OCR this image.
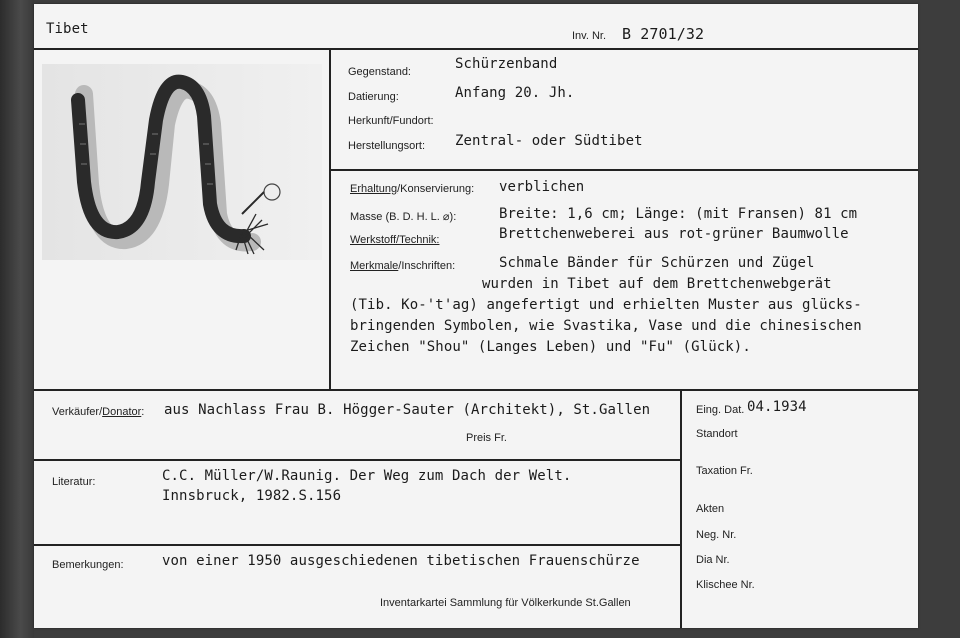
Tibet	Inv. Nr. B 2701/32
Gegenstand:	Schürzenband
Datierung:	Anfang 20. Jh.
Herkunft/Fundort:
Herstellungsort: Zentral- oder Südtibet
Erhaltung/Konservierung: verblichen
Masse (B. D. H. L. ⌀):	Breite: 1,6 cm; Länge: (mit Fransen) 81 cm
Werkstoff/Technik:	Brettchenweberei aus rot-grüner Baumwolle
Merkmale/Inschriften:	Schmale Bänder für Schürzen und Zügel
wurden in Tibet auf dem Brettchenwebgerät
(Tib. Ko-'t'ag) angefertigt und erhielten Muster aus glücks-
bringenden Symbolen, wie Svastika, Vase und die chinesischen
Zeichen "Shou" (Langes Leben) und "Fu" (Glück).
Verkäufer/Donator: aus Nachlass Frau B. Högger-Sauter (Architekt), St.Gallen
Preis Fr.
Literatur:	C.C. Müller/W.Raunig. Der Weg zum Dach der Welt.
Innsbruck, 1982.S.156
Bemerkungen:	von einer 1950 ausgeschiedenen tibetischen Frauenschürze
Inventarkartei Sammlung für Völkerkunde St.Gallen
Eing. Dat. 04.1934
Standort
Taxation Fr.
Akten
Neg. Nr.
Dia Nr.
Klischee Nr.
